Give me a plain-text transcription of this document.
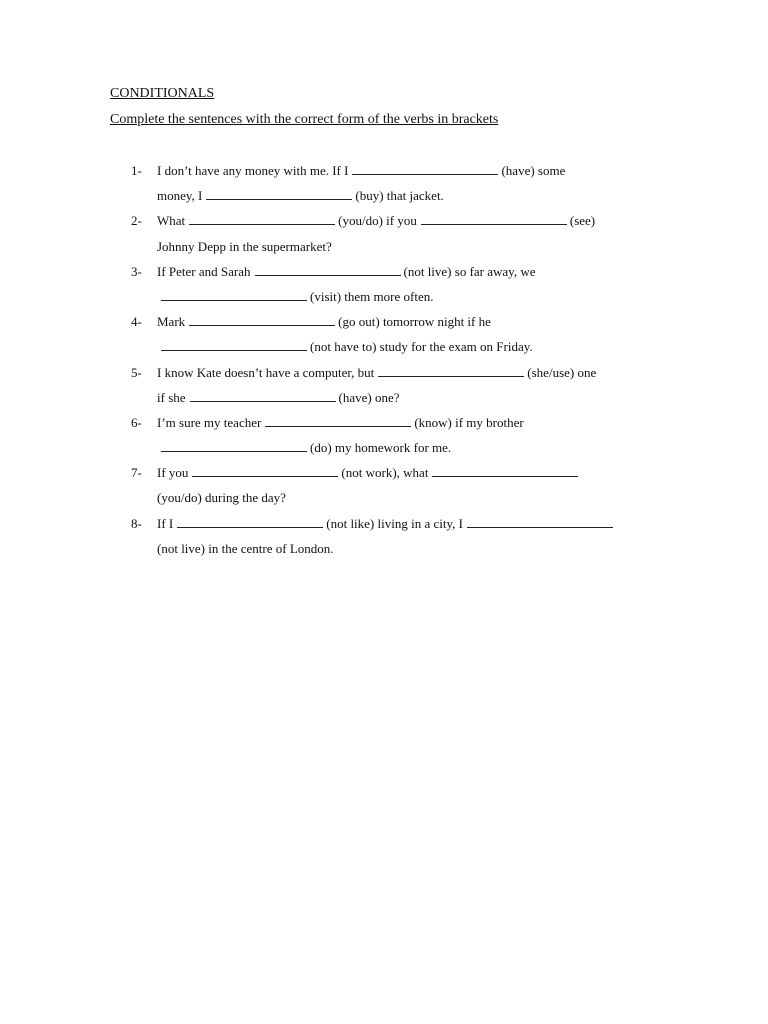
CONDITIONALS
Complete the sentences with the correct form of the verbs in brackets
1- I don’t have any money with me. If I	(have) some
money, I	(buy) that jacket.
2- What	(you/do) if you	(see)
Johnny Depp in the supermarket?
3- If Peter and Sarah	(not live) so far away, we
(visit) them more often.
4- Mark	(go out) tomorrow night if he
(not have to) study for the exam on Friday.
5- I know Kate doesn’t have a computer, but	(she/use) one
if she	(have) one?
6- I’m sure my teacher	(know) if my brother
(do) my homework for me.
7- If you	(not work), what
(you/do) during the day?
8- If I	(not like) living in a city, I
(not live) in the centre of London.
